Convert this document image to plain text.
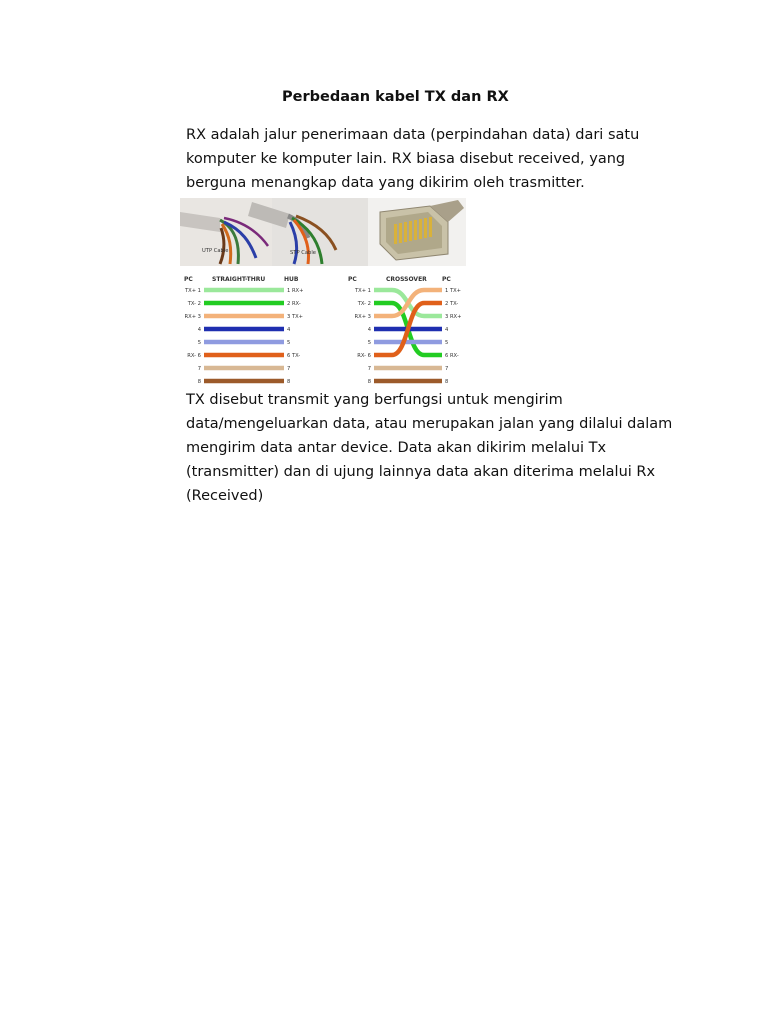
Perbedaan kabel TX dan RX
RX adalah jalur penerimaan data (perpindahan data) dari satu
komputer ke komputer lain. RX biasa disebut received, yang
berguna menangkap data yang dikirim oleh trasmitter.
UTP Cable	STP Cable
PC	STRAIGHT-THRU	HUB	PC	CROSSOVER	PC
TX+ 1	1 RX+
TX- 2	2 RX-
RX+ 3	3 TX+
4	4
5	5
RX- 6	6 TX-
7	7
8	8
TX+ 1	1 TX+
TX- 2	2 TX-
RX+ 3	3 RX+
4	4
5	5
RX- 6	6 RX-
7	7
8	8
TX disebut transmit yang berfungsi untuk mengirim
data/mengeluarkan data, atau merupakan jalan yang dilalui dalam
mengirim data antar device. Data akan dikirim melalui Tx
(transmitter) dan di ujung lainnya data akan diterima melalui Rx
(Received)
